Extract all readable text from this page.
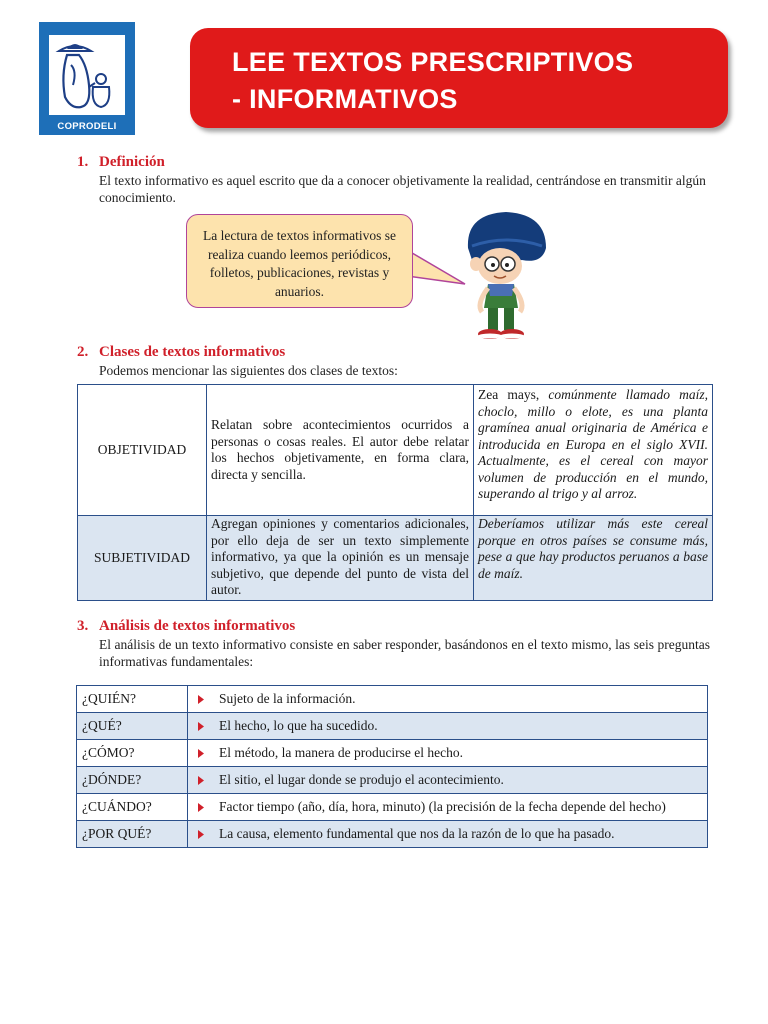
COPRODELI
LEE TEXTOS PRESCRIPTIVOS
- INFORMATIVOS
1. Definición
El texto informativo es aquel escrito que da a conocer objetivamente la realidad, centrándose en transmitir algún conocimiento.
La lectura de textos informativos se realiza cuando leemos periódicos, folletos, publicaciones, revistas y anuarios.
2. Clases de textos informativos
Podemos mencionar las siguientes dos clases de textos:
OBJETIVIDAD	Relatan sobre acontecimientos ocurridos a personas o cosas reales. El autor debe relatar los hechos objetivamente, en forma clara, directa y sencilla.	Zea mays, comúnmente llamado maíz, choclo, millo o elote, es una planta gramínea anual originaria de América e introducida en Europa en el siglo XVII. Actualmente, es el cereal con mayor volumen de producción en el mundo, superando al trigo y al arroz.
SUBJETIVIDAD	Agregan opiniones y comentarios adicionales, por ello deja de ser un texto simplemente informativo, ya que la opinión es un mensaje subjetivo, que depende del punto de vista del autor.	Deberíamos utilizar más este cereal porque en otros países se consume más, pese a que hay productos peruanos a base de maíz.
3. Análisis de textos informativos
El análisis de un texto informativo consiste en saber responder, basándonos en el texto mismo, las seis preguntas informativas fundamentales:
¿QUIÉN?	Sujeto de la información.
¿QUÉ?	El hecho, lo que ha sucedido.
¿CÓMO?	El método, la manera de producirse el hecho.
¿DÓNDE?	El sitio, el lugar donde se produjo el acontecimiento.
¿CUÁNDO?	Factor tiempo (año, día, hora, minuto) (la precisión de la fecha depende del hecho)
¿POR QUÉ?	La causa, elemento fundamental que nos da la razón de lo que ha pasado.
